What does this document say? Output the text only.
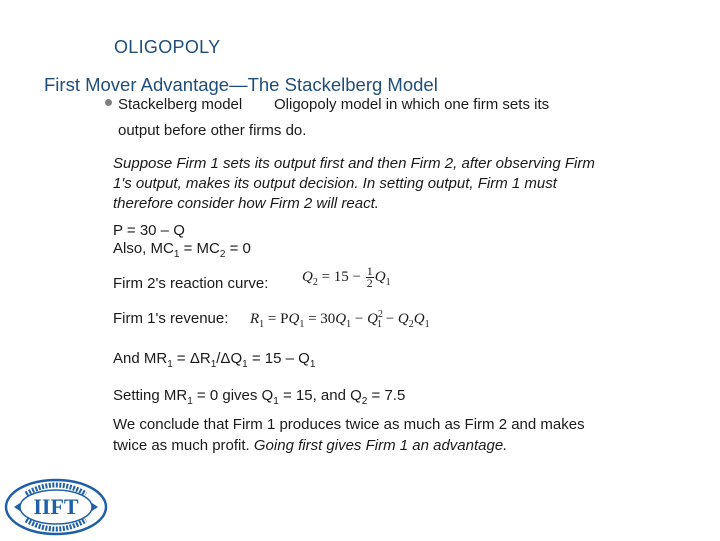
OLIGOPOLY
First Mover Advantage—The Stackelberg Model
Stackelberg model Oligopoly model in which one firm sets its
output before other firms do.
Suppose Firm 1 sets its output first and then Firm 2, after observing Firm 1's output, makes its output decision. In setting output, Firm 1 must therefore consider how Firm 2 will react.
P = 30 – Q
Also, $MC_1 = MC_2 = 0$
Firm 2's reaction curve: $Q_2 = 15 - \frac{1}{2} Q_1$
Firm 1's revenue: $R_1 = PQ_1 = 30Q_1 - Q^2_1 - Q_2Q_1$
And $MR_1 = \Delta R_1/\Delta Q_1 = 15 - Q_1$
Setting $MR_1 = 0$ gives $Q_1 = 15$, and $Q_2 = 7.5$
We conclude that Firm 1 produces twice as much as Firm 2 and makes twice as much profit. Going first gives Firm 1 an advantage.
IIFT
